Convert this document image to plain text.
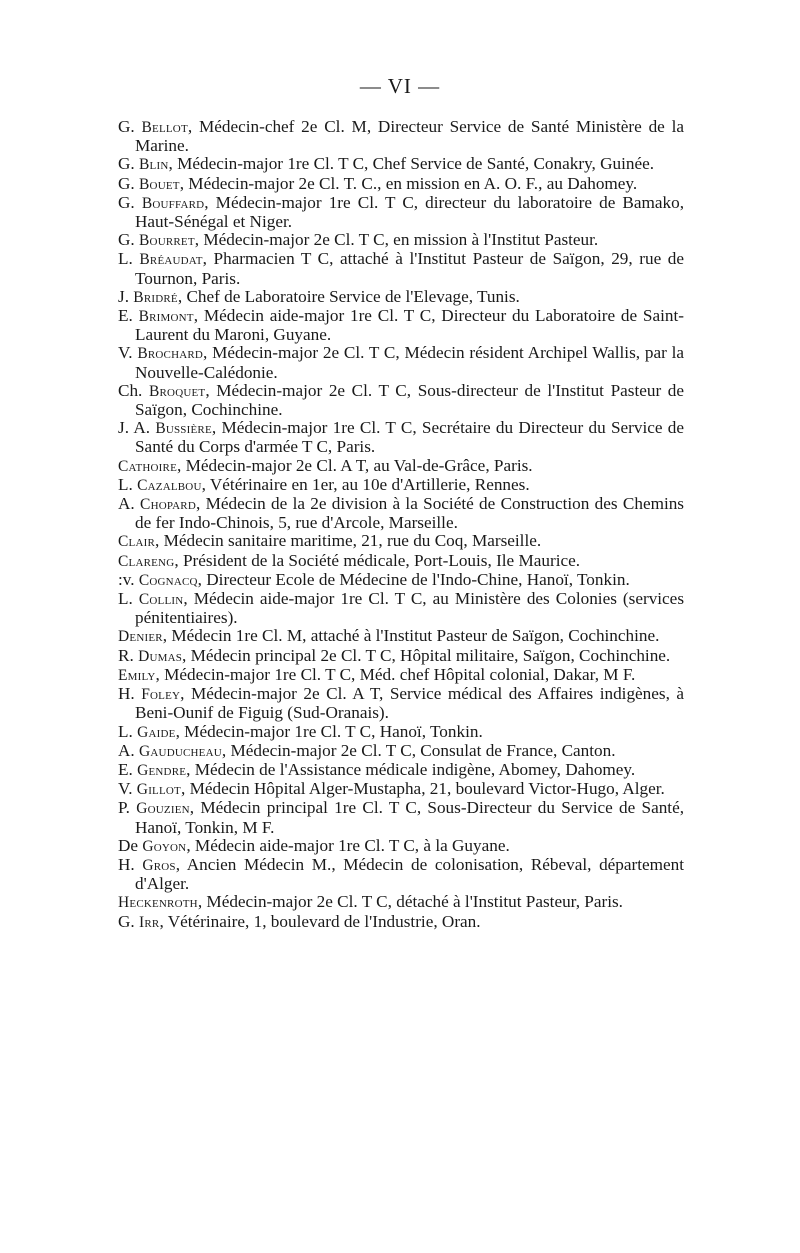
— VI —

G. Bellot, Médecin-chef 2e Cl. M, Directeur Service de Santé Ministère de la Marine.

G. Blin, Médecin-major 1re Cl. T C, Chef Service de Santé, Conakry, Guinée.

G. Bouet, Médecin-major 2e Cl. T. C., en mission en A. O. F., au Dahomey.

G. Bouffard, Médecin-major 1re Cl. T C, directeur du laboratoire de Bamako, Haut-Sénégal et Niger.

G. Bourret, Médecin-major 2e Cl. T C, en mission à l'Institut Pasteur.

L. Bréaudat, Pharmacien T C, attaché à l'Institut Pasteur de Saïgon, 29, rue de Tournon, Paris.

J. Bridré, Chef de Laboratoire Service de l'Elevage, Tunis.

E. Brimont, Médecin aide-major 1re Cl. T C, Directeur du Laboratoire de Saint-Laurent du Maroni, Guyane.

V. Brochard, Médecin-major 2e Cl. T C, Médecin résident Archipel Wallis, par la Nouvelle-Calédonie.

Ch. Broquet, Médecin-major 2e Cl. T C, Sous-directeur de l'Institut Pasteur de Saïgon, Cochinchine.

J. A. Bussière, Médecin-major 1re Cl. T C, Secrétaire du Directeur du Service de Santé du Corps d'armée T C, Paris.

Cathoire, Médecin-major 2e Cl. A T, au Val-de-Grâce, Paris.

L. Cazalbou, Vétérinaire en 1er, au 10e d'Artillerie, Rennes.

A. Chopard, Médecin de la 2e division à la Société de Construction des Chemins de fer Indo-Chinois, 5, rue d'Arcole, Marseille.

Clair, Médecin sanitaire maritime, 21, rue du Coq, Marseille.

Clareng, Président de la Société médicale, Port-Louis, Ile Maurice.

:v. Cognacq, Directeur Ecole de Médecine de l'Indo-Chine, Hanoï, Tonkin.

L. Collin, Médecin aide-major 1re Cl. T C, au Ministère des Colonies (services pénitentiaires).

Denier, Médecin 1re Cl. M, attaché à l'Institut Pasteur de Saïgon, Cochinchine.

R. Dumas, Médecin principal 2e Cl. T C, Hôpital militaire, Saïgon, Cochinchine.

Emily, Médecin-major 1re Cl. T C, Méd. chef Hôpital colonial, Dakar, M F.

H. Foley, Médecin-major 2e Cl. A T, Service médical des Affaires indigènes, à Beni-Ounif de Figuig (Sud-Oranais).

L. Gaide, Médecin-major 1re Cl. T C, Hanoï, Tonkin.

A. Gauducheau, Médecin-major 2e Cl. T C, Consulat de France, Canton.

E. Gendre, Médecin de l'Assistance médicale indigène, Abomey, Dahomey.

V. Gillot, Médecin Hôpital Alger-Mustapha, 21, boulevard Victor-Hugo, Alger.

P. Gouzien, Médecin principal 1re Cl. T C, Sous-Directeur du Service de Santé, Hanoï, Tonkin, M F.

De Goyon, Médecin aide-major 1re Cl. T C, à la Guyane.

H. Gros, Ancien Médecin M., Médecin de colonisation, Rébeval, département d'Alger.

Heckenroth, Médecin-major 2e Cl. T C, détaché à l'Institut Pasteur, Paris.

G. Irr, Vétérinaire, 1, boulevard de l'Industrie, Oran.
